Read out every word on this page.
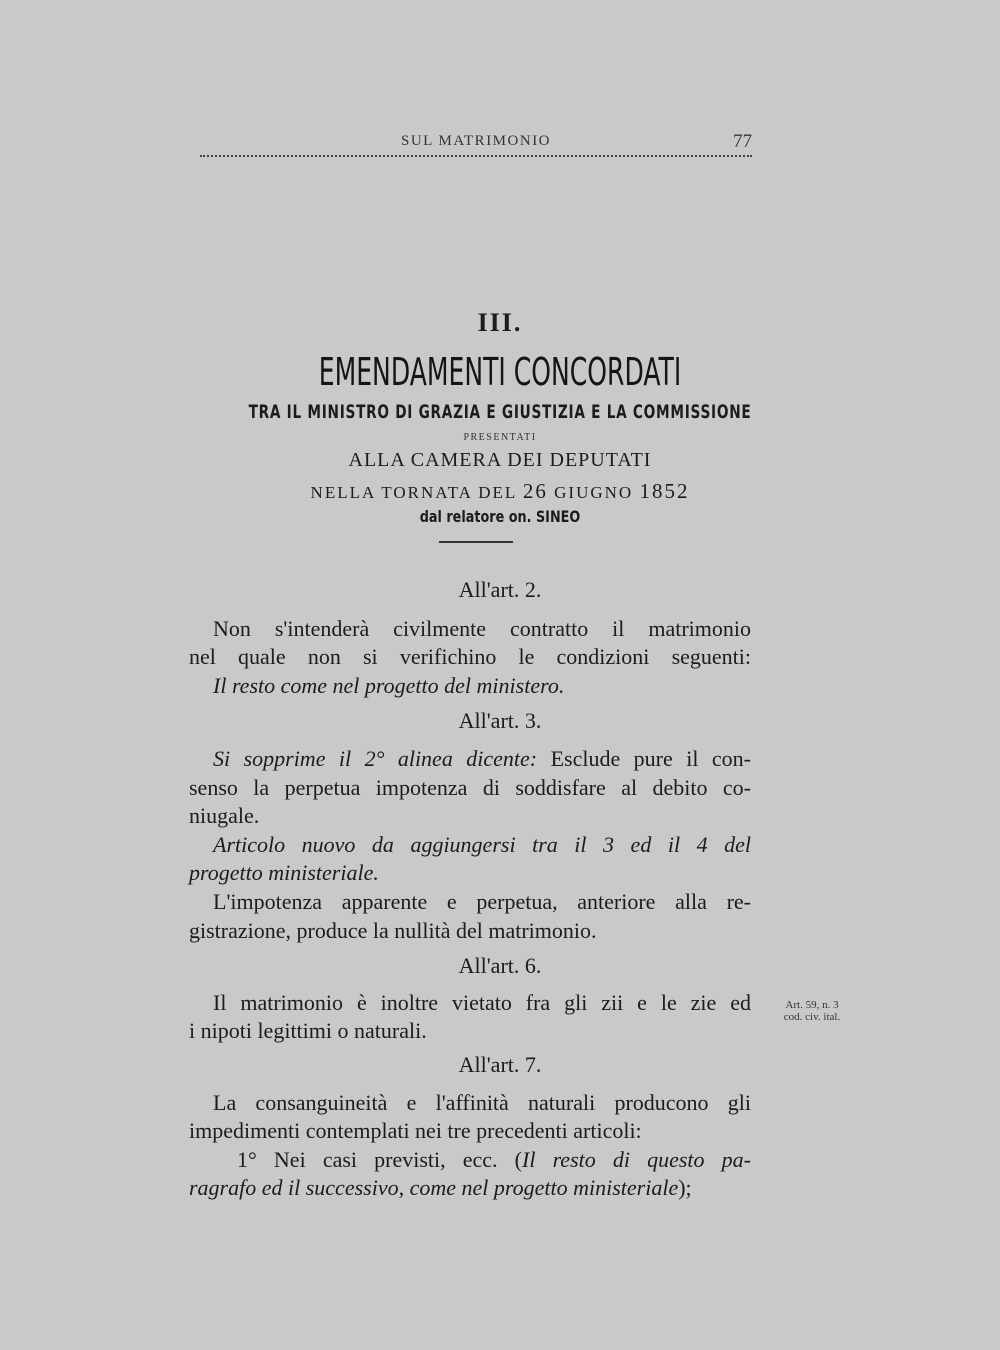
SUL MATRIMONIO	77
III.
EMENDAMENTI CONCORDATI
TRA IL MINISTRO DI GRAZIA E GIUSTIZIA E LA COMMISSIONE
PRESENTATI
ALLA CAMERA DEI DEPUTATI
NELLA TORNATA DEL 26 GIUGNO 1852
dal relatore on. SINEO
All'art. 2.
Non s'intenderà civilmente contratto il matrimonio
nel quale non si verifichino le condizioni seguenti:
Il resto come nel progetto del ministero.
All'art. 3.
Si sopprime il 2° alinea dicente: Esclude pure il con-
senso la perpetua impotenza di soddisfare al debito co-
niugale.
Articolo nuovo da aggiungersi tra il 3 ed il 4 del
progetto ministeriale.
L'impotenza apparente e perpetua, anteriore alla re-
gistrazione, produce la nullità del matrimonio.
All'art. 6.
Il matrimonio è inoltre vietato fra gli zii e le zie ed
i nipoti legittimi o naturali.
Art. 59, n. 3
cod. civ. ital.
All'art. 7.
La consanguineità e l'affinità naturali producono gli
impedimenti contemplati nei tre precedenti articoli:
1° Nei casi previsti, ecc. (Il resto di questo pa-
ragrafo ed il successivo, come nel progetto ministeriale);
